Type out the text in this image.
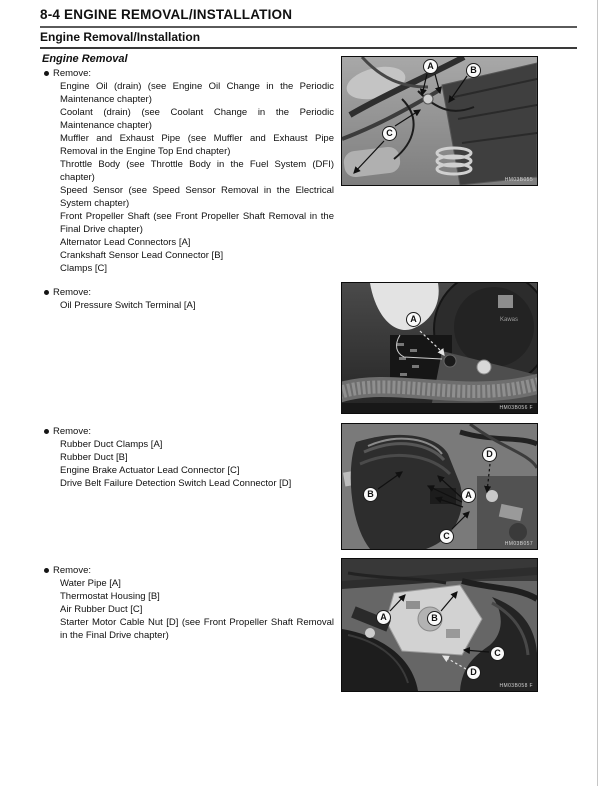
8-4 ENGINE REMOVAL/INSTALLATION
Engine Removal/Installation
Engine Removal
Remove:
Engine Oil (drain) (see Engine Oil Change in the Periodic Maintenance chapter)
Coolant (drain) (see Coolant Change in the Periodic Maintenance chapter)
Muffler and Exhaust Pipe (see Muffler and Exhaust Pipe Removal in the Engine Top End chapter)
Throttle Body (see Throttle Body in the Fuel System (DFI) chapter)
Speed Sensor (see Speed Sensor Removal in the Electrical System chapter)
Front Propeller Shaft (see Front Propeller Shaft Removal in the Final Drive chapter)
Alternator Lead Connectors [A]
Crankshaft Sensor Lead Connector [B]
Clamps [C]
Remove:
Oil Pressure Switch Terminal [A]
Remove:
Rubber Duct Clamps [A]
Rubber Duct [B]
Engine Brake Actuator Lead Connector [C]
Drive Belt Failure Detection Switch Lead Connector [D]
Remove:
Water Pipe [A]
Thermostat Housing [B]
Air Rubber Duct [C]
Starter Motor Cable Nut [D] (see Front Propeller Shaft Removal in the Final Drive chapter)
A	B
C
HM03B055
Kawas
A
HM03B056 F
A
B
C
D
HM03B057
A	B
C
D
HM03B058 F
